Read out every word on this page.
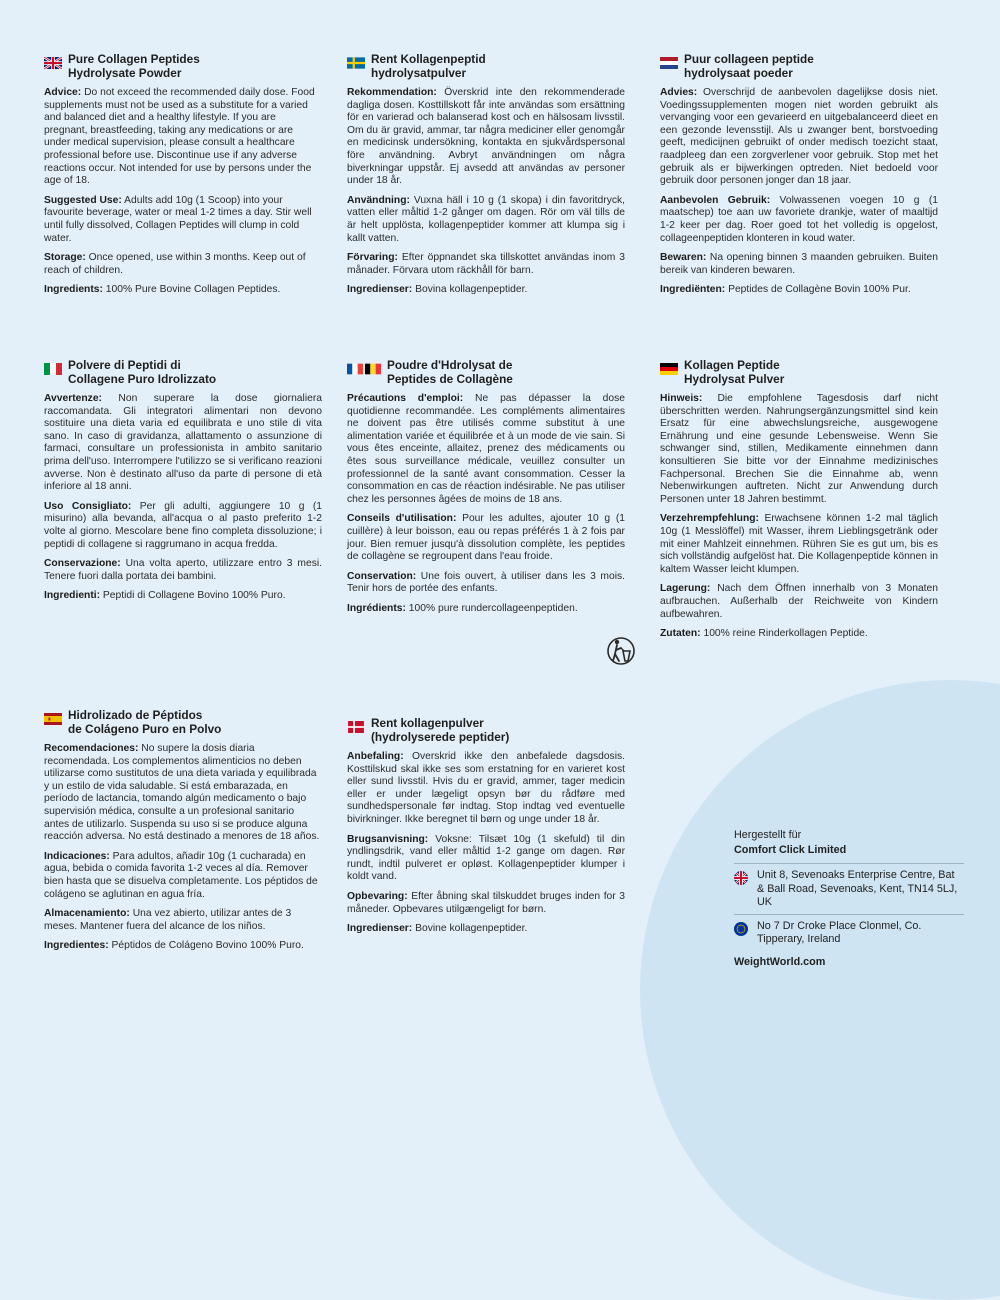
Pure Collagen Peptides
Hydrolysate Powder

Advice: Do not exceed the recommended daily dose. Food supplements must not be used as a substitute for a varied and balanced diet and a healthy lifestyle. If you are pregnant, breastfeeding, taking any medications or are under medical supervision, please consult a healthcare professional before use. Discontinue use if any adverse reactions occur. Not intended for use by persons under the age of 18.

Suggested Use: Adults add 10g (1 Scoop) into your favourite beverage, water or meal 1-2 times a day. Stir well until fully dissolved, Collagen Peptides will clump in cold water.

Storage: Once opened, use within 3 months. Keep out of reach of children.

Ingredients: 100% Pure Bovine Collagen Peptides.

Rent Kollagenpeptid
hydrolysatpulver

Rekommendation: Överskrid inte den rekommenderade dagliga dosen. Kosttillskott får inte användas som ersättning för en varierad och balanserad kost och en hälsosam livsstil. Om du är gravid, ammar, tar några mediciner eller genomgår en medicinsk undersökning, kontakta en sjukvårdspersonal före användning. Avbryt användningen om några biverkningar uppstår. Ej avsedd att användas av personer under 18 år.

Användning: Vuxna häll i 10 g (1 skopa) i din favoritdryck, vatten eller måltid 1-2 gånger om dagen. Rör om väl tills de är helt upplösta, kollagenpeptider kommer att klumpa sig i kallt vatten.

Förvaring: Efter öppnandet ska tillskottet användas inom 3 månader. Förvara utom räckhåll för barn.

Ingredienser: Bovina kollagenpeptider.

Puur collageen peptide
hydrolysaat poeder

Advies: Overschrijd de aanbevolen dagelijkse dosis niet. Voedingssupplementen mogen niet worden gebruikt als vervanging voor een gevarieerd en uitgebalanceerd dieet en een gezonde levensstijl. Als u zwanger bent, borstvoeding geeft, medicijnen gebruikt of onder medisch toezicht staat, raadpleeg dan een zorgverlener voor gebruik. Stop met het gebruik als er bijwerkingen optreden. Niet bedoeld voor gebruik door personen jonger dan 18 jaar.

Aanbevolen Gebruik: Volwassenen voegen 10 g (1 maatschep) toe aan uw favoriete drankje, water of maaltijd 1-2 keer per dag. Roer goed tot het volledig is opgelost, collageenpeptiden klonteren in koud water.

Bewaren: Na opening binnen 3 maanden gebruiken. Buiten bereik van kinderen bewaren.

Ingrediënten: Peptides de Collagène Bovin 100% Pur.

Polvere di Peptidi di
Collagene Puro Idrolizzato

Avvertenze: Non superare la dose giornaliera raccomandata. Gli integratori alimentari non devono sostituire una dieta varia ed equilibrata e uno stile di vita sano. In caso di gravidanza, allattamento o assunzione di farmaci, consultare un professionista in ambito sanitario prima dell'uso. Interrompere l'utilizzo se si verificano reazioni avverse. Non è destinato all'uso da parte di persone di età inferiore al 18 anni.

Uso Consigliato: Per gli adulti, aggiungere 10 g (1 misurino) alla bevanda, all'acqua o al pasto preferito 1-2 volte al giorno. Mescolare bene fino completa dissoluzione; i peptidi di collagene si raggrumano in acqua fredda.

Conservazione: Una volta aperto, utilizzare entro 3 mesi. Tenere fuori dalla portata dei bambini.

Ingredienti: Peptidi di Collagene Bovino 100% Puro.

Poudre d'Hdrolysat de
Peptides de Collagène

Précautions d'emploi: Ne pas dépasser la dose quotidienne recommandée. Les compléments alimentaires ne doivent pas être utilisés comme substitut à une alimentation variée et équilibrée et à un mode de vie sain. Si vous êtes enceinte, allaitez, prenez des médicaments ou êtes sous surveillance médicale, veuillez consulter un professionnel de la santé avant consommation. Cesser la consommation en cas de réaction indésirable. Ne pas utiliser chez les personnes âgées de moins de 18 ans.

Conseils d'utilisation: Pour les adultes, ajouter 10 g (1 cuillère) à leur boisson, eau ou repas préférés 1 à 2 fois par jour. Bien remuer jusqu'à dissolution complète, les peptides de collagène se regroupent dans l'eau froide.

Conservation: Une fois ouvert, à utiliser dans les 3 mois. Tenir hors de portée des enfants.

Ingrédients: 100% pure rundercollageenpeptiden.

Kollagen Peptide
Hydrolysat Pulver

Hinweis: Die empfohlene Tagesdosis darf nicht überschritten werden. Nahrungsergänzungsmittel sind kein Ersatz für eine abwechslungsreiche, ausgewogene Ernährung und eine gesunde Lebensweise. Wenn Sie schwanger sind, stillen, Medikamente einnehmen dann konsultieren Sie bitte vor der Einnahme medizinisches Fachpersonal. Brechen Sie die Einnahme ab, wenn Nebenwirkungen auftreten. Nicht zur Anwendung durch Personen unter 18 Jahren bestimmt.

Verzehrempfehlung: Erwachsene können 1-2 mal täglich 10g (1 Messlöffel) mit Wasser, ihrem Lieblingsgetränk oder mit einer Mahlzeit einnehmen. Rühren Sie es gut um, bis es sich vollständig aufgelöst hat. Die Kollagenpeptide können in kaltem Wasser leicht klumpen.

Lagerung: Nach dem Öffnen innerhalb von 3 Monaten aufbrauchen. Außerhalb der Reichweite von Kindern aufbewahren.

Zutaten: 100% reine Rinderkollagen Peptide.

Hidrolizado de Péptidos
de Colágeno Puro en Polvo

Recomendaciones: No supere la dosis diaria recomendada. Los complementos alimenticios no deben utilizarse como sustitutos de una dieta variada y equilibrada y un estilo de vida saludable. Si está embarazada, en período de lactancia, tomando algún medicamento o bajo supervisión médica, consulte a un profesional sanitario antes de utilizarlo. Suspenda su uso si se produce alguna reacción adversa. No está destinado a menores de 18 años.

Indicaciones: Para adultos, añadir 10g (1 cucharada) en agua, bebida o comida favorita 1-2 veces al día. Remover bien hasta que se disuelva completamente. Los péptidos de colágeno se aglutinan en agua fría.

Almacenamiento: Una vez abierto, utilizar antes de 3 meses. Mantener fuera del alcance de los niños.

Ingredientes: Péptidos de Colágeno Bovino 100% Puro.

Rent kollagenpulver
(hydrolyserede peptider)

Anbefaling: Overskrid ikke den anbefalede dagsdosis. Kosttilskud skal ikke ses som erstatning for en varieret kost eller sund livsstil. Hvis du er gravid, ammer, tager medicin eller er under lægeligt opsyn bør du rådføre med sundhedspersonale før indtag. Stop indtag ved eventuelle bivirkninger. Ikke beregnet til børn og unge under 18 år.

Brugsanvisning: Voksne: Tilsæt 10g (1 skefuld) til din yndlingsdrik, vand eller måltid 1-2 gange om dagen. Rør rundt, indtil pulveret er opløst. Kollagenpeptider klumper i koldt vand.

Opbevaring: Efter åbning skal tilskuddet bruges inden for 3 måneder. Opbevares utilgængeligt for børn.

Ingredienser: Bovine kollagenpeptider.

Hergestellt für
Comfort Click Limited
Unit 8, Sevenoaks Enterprise Centre, Bat & Ball Road, Sevenoaks, Kent, TN14 5LJ, UK
No 7 Dr Croke Place Clonmel, Co. Tipperary, Ireland
WeightWorld.com
